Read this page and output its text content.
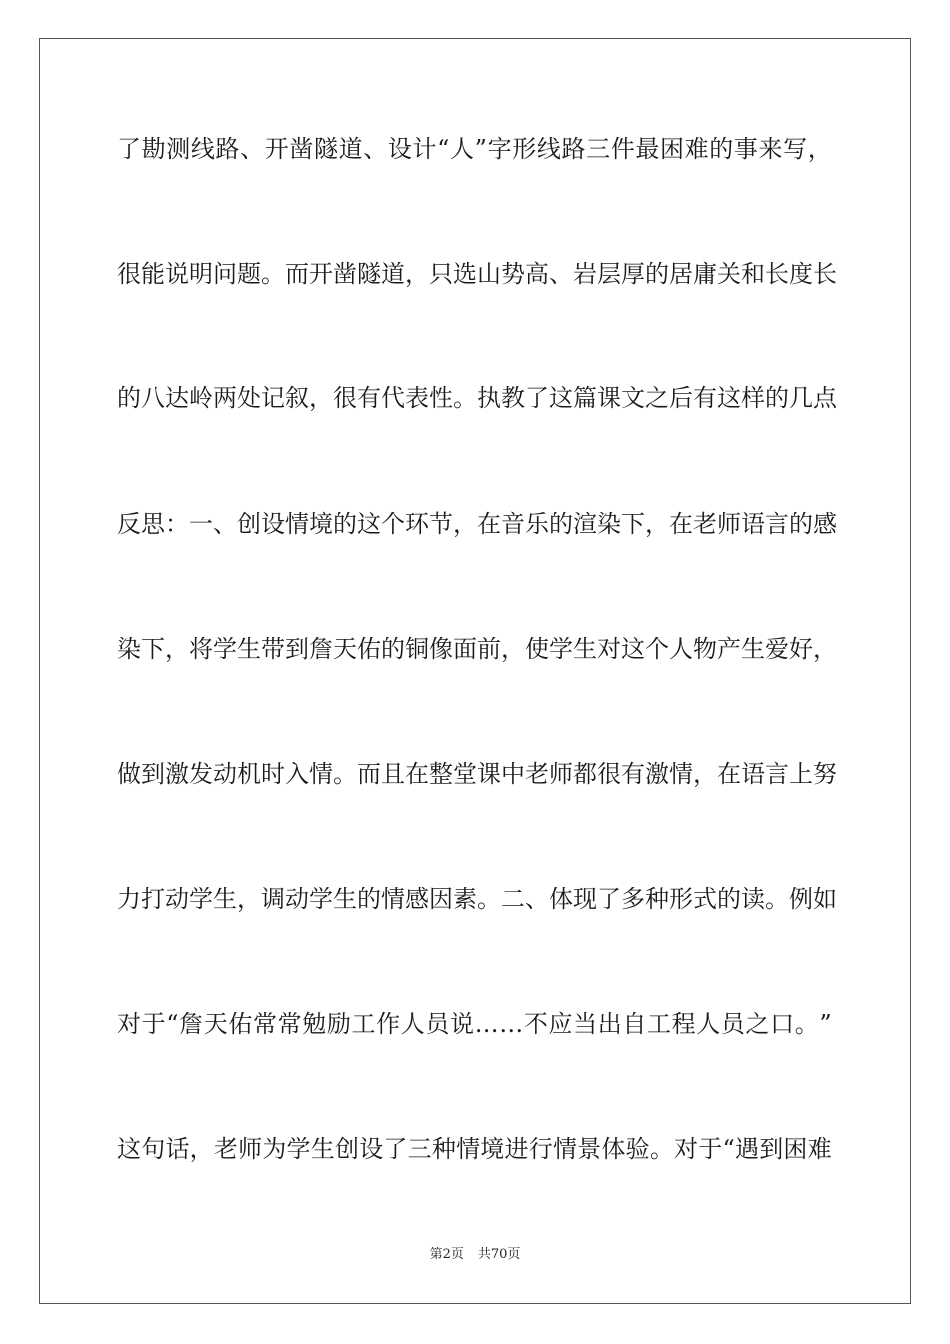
了 勘 测 线 路 、 开 凿 隧 道 、 设 计 “ 人 ” 字 形 线 路 三 件 最 困 难 的 事 来 写 ，
很 能 说 明 问 题 。 而 开 凿 隧 道 ， 只 选 山 势 高 、 岩 层 厚 的 居 庸 关 和 长 度 长
的 八 达 岭 两 处 记 叙 ， 很 有 代 表 性 。 执 教 了 这 篇 课 文 之 后 有 这 样 的 几 点
反 思 ： 一 、 创 设 情 境 的 这 个 环 节 ， 在 音 乐 的 渲 染 下 ， 在 老 师 语 言 的 感
染 下 ， 将 学 生 带 到 詹 天 佑 的 铜 像 面 前 ， 使 学 生 对 这 个 人 物 产 生 爱 好 ，
做 到 激 发 动 机 时 入 情 。 而 且 在 整 堂 课 中 老 师 都 很 有 激 情 ， 在 语 言 上 努
力 打 动 学 生 ， 调 动 学 生 的 情 感 因 素 。 二 、 体 现 了 多 种 形 式 的 读 。 例 如
对 于 “ 詹 天 佑 常 常 勉 励 工 作 人 员 说 … … 不 应 当 出 自 工 程 人 员 之 口 。 ”
这 句 话 ， 老 师 为 学 生 创 设 了 三 种 情 境 进 行 情 景 体 验 。 对 于 “ 遇 到 困 难
第2页 共70页
